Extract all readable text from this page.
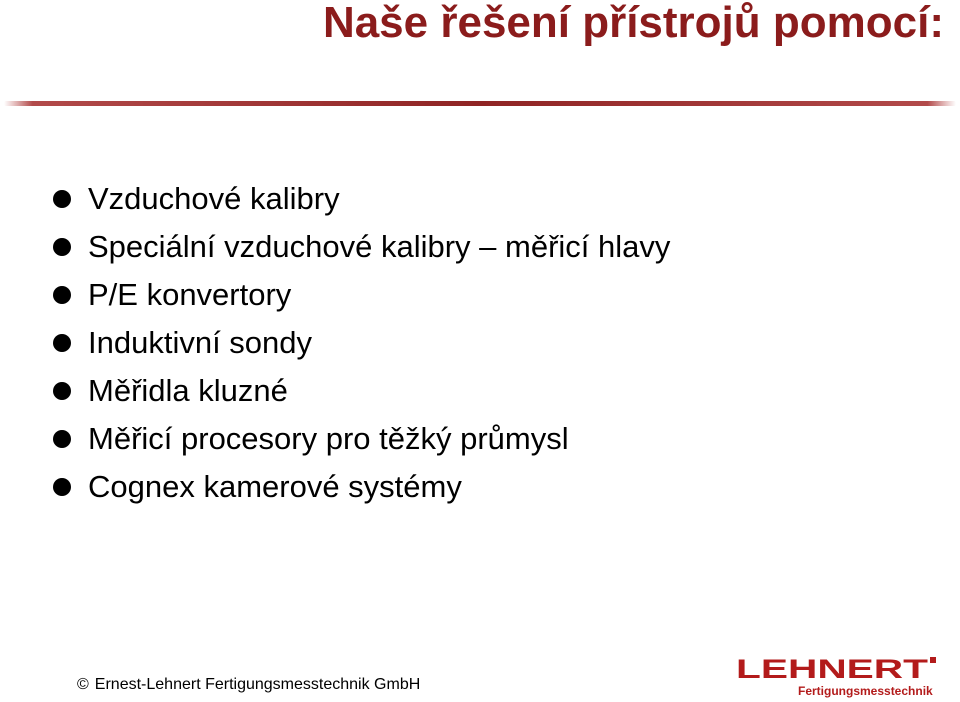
Naše řešení přístrojů pomocí:
Vzduchové kalibry
Speciální vzduchové kalibry – měřicí hlavy
P/E konvertory
Induktivní sondy
Měřidla kluzné
Měřicí procesory pro těžký průmysl
Cognex kamerové systémy
© Ernest-Lehnert Fertigungsmesstechnik GmbH
LEHNERT
Fertigungsmesstechnik
